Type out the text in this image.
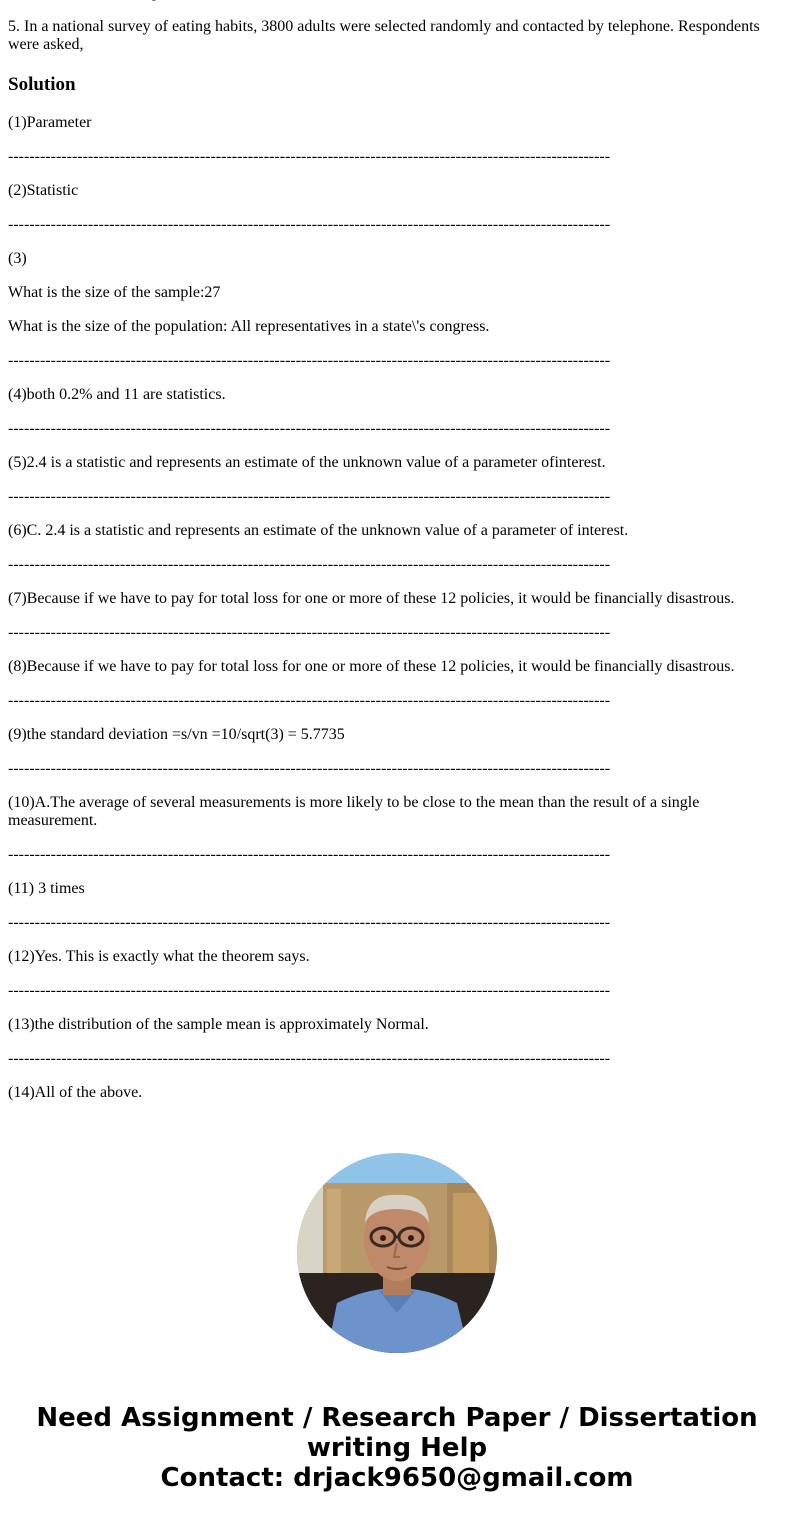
5. In a national survey of eating habits, 3800 adults were selected randomly and contacted by telephone. Respondents were asked,

Solution

(1)Parameter

-----------------------------------------------------------------------------------------------------------------

(2)Statistic

-----------------------------------------------------------------------------------------------------------------

(3)

What is the size of the sample:27

What is the size of the population: All representatives in a state\'s congress.

-----------------------------------------------------------------------------------------------------------------

(4)both 0.2% and 11 are statistics.

-----------------------------------------------------------------------------------------------------------------

(5)2.4 is a statistic and represents an estimate of the unknown value of a parameter ofinterest.

-----------------------------------------------------------------------------------------------------------------

(6)C. 2.4 is a statistic and represents an estimate of the unknown value of a parameter of interest.

-----------------------------------------------------------------------------------------------------------------

(7)Because if we have to pay for total loss for one or more of these 12 policies, it would be financially disastrous.

-----------------------------------------------------------------------------------------------------------------

(8)Because if we have to pay for total loss for one or more of these 12 policies, it would be financially disastrous.

-----------------------------------------------------------------------------------------------------------------

(9)the standard deviation =s/vn =10/sqrt(3) = 5.7735

-----------------------------------------------------------------------------------------------------------------

(10)A.The average of several measurements is more likely to be close to the mean than the result of a single measurement.

-----------------------------------------------------------------------------------------------------------------

(11) 3 times

-----------------------------------------------------------------------------------------------------------------

(12)Yes. This is exactly what the theorem says.

-----------------------------------------------------------------------------------------------------------------

(13)the distribution of the sample mean is approximately Normal.

-----------------------------------------------------------------------------------------------------------------

(14)All of the above.

Need Assignment / Research Paper / Dissertation
writing Help
Contact: drjack9650@gmail.com
